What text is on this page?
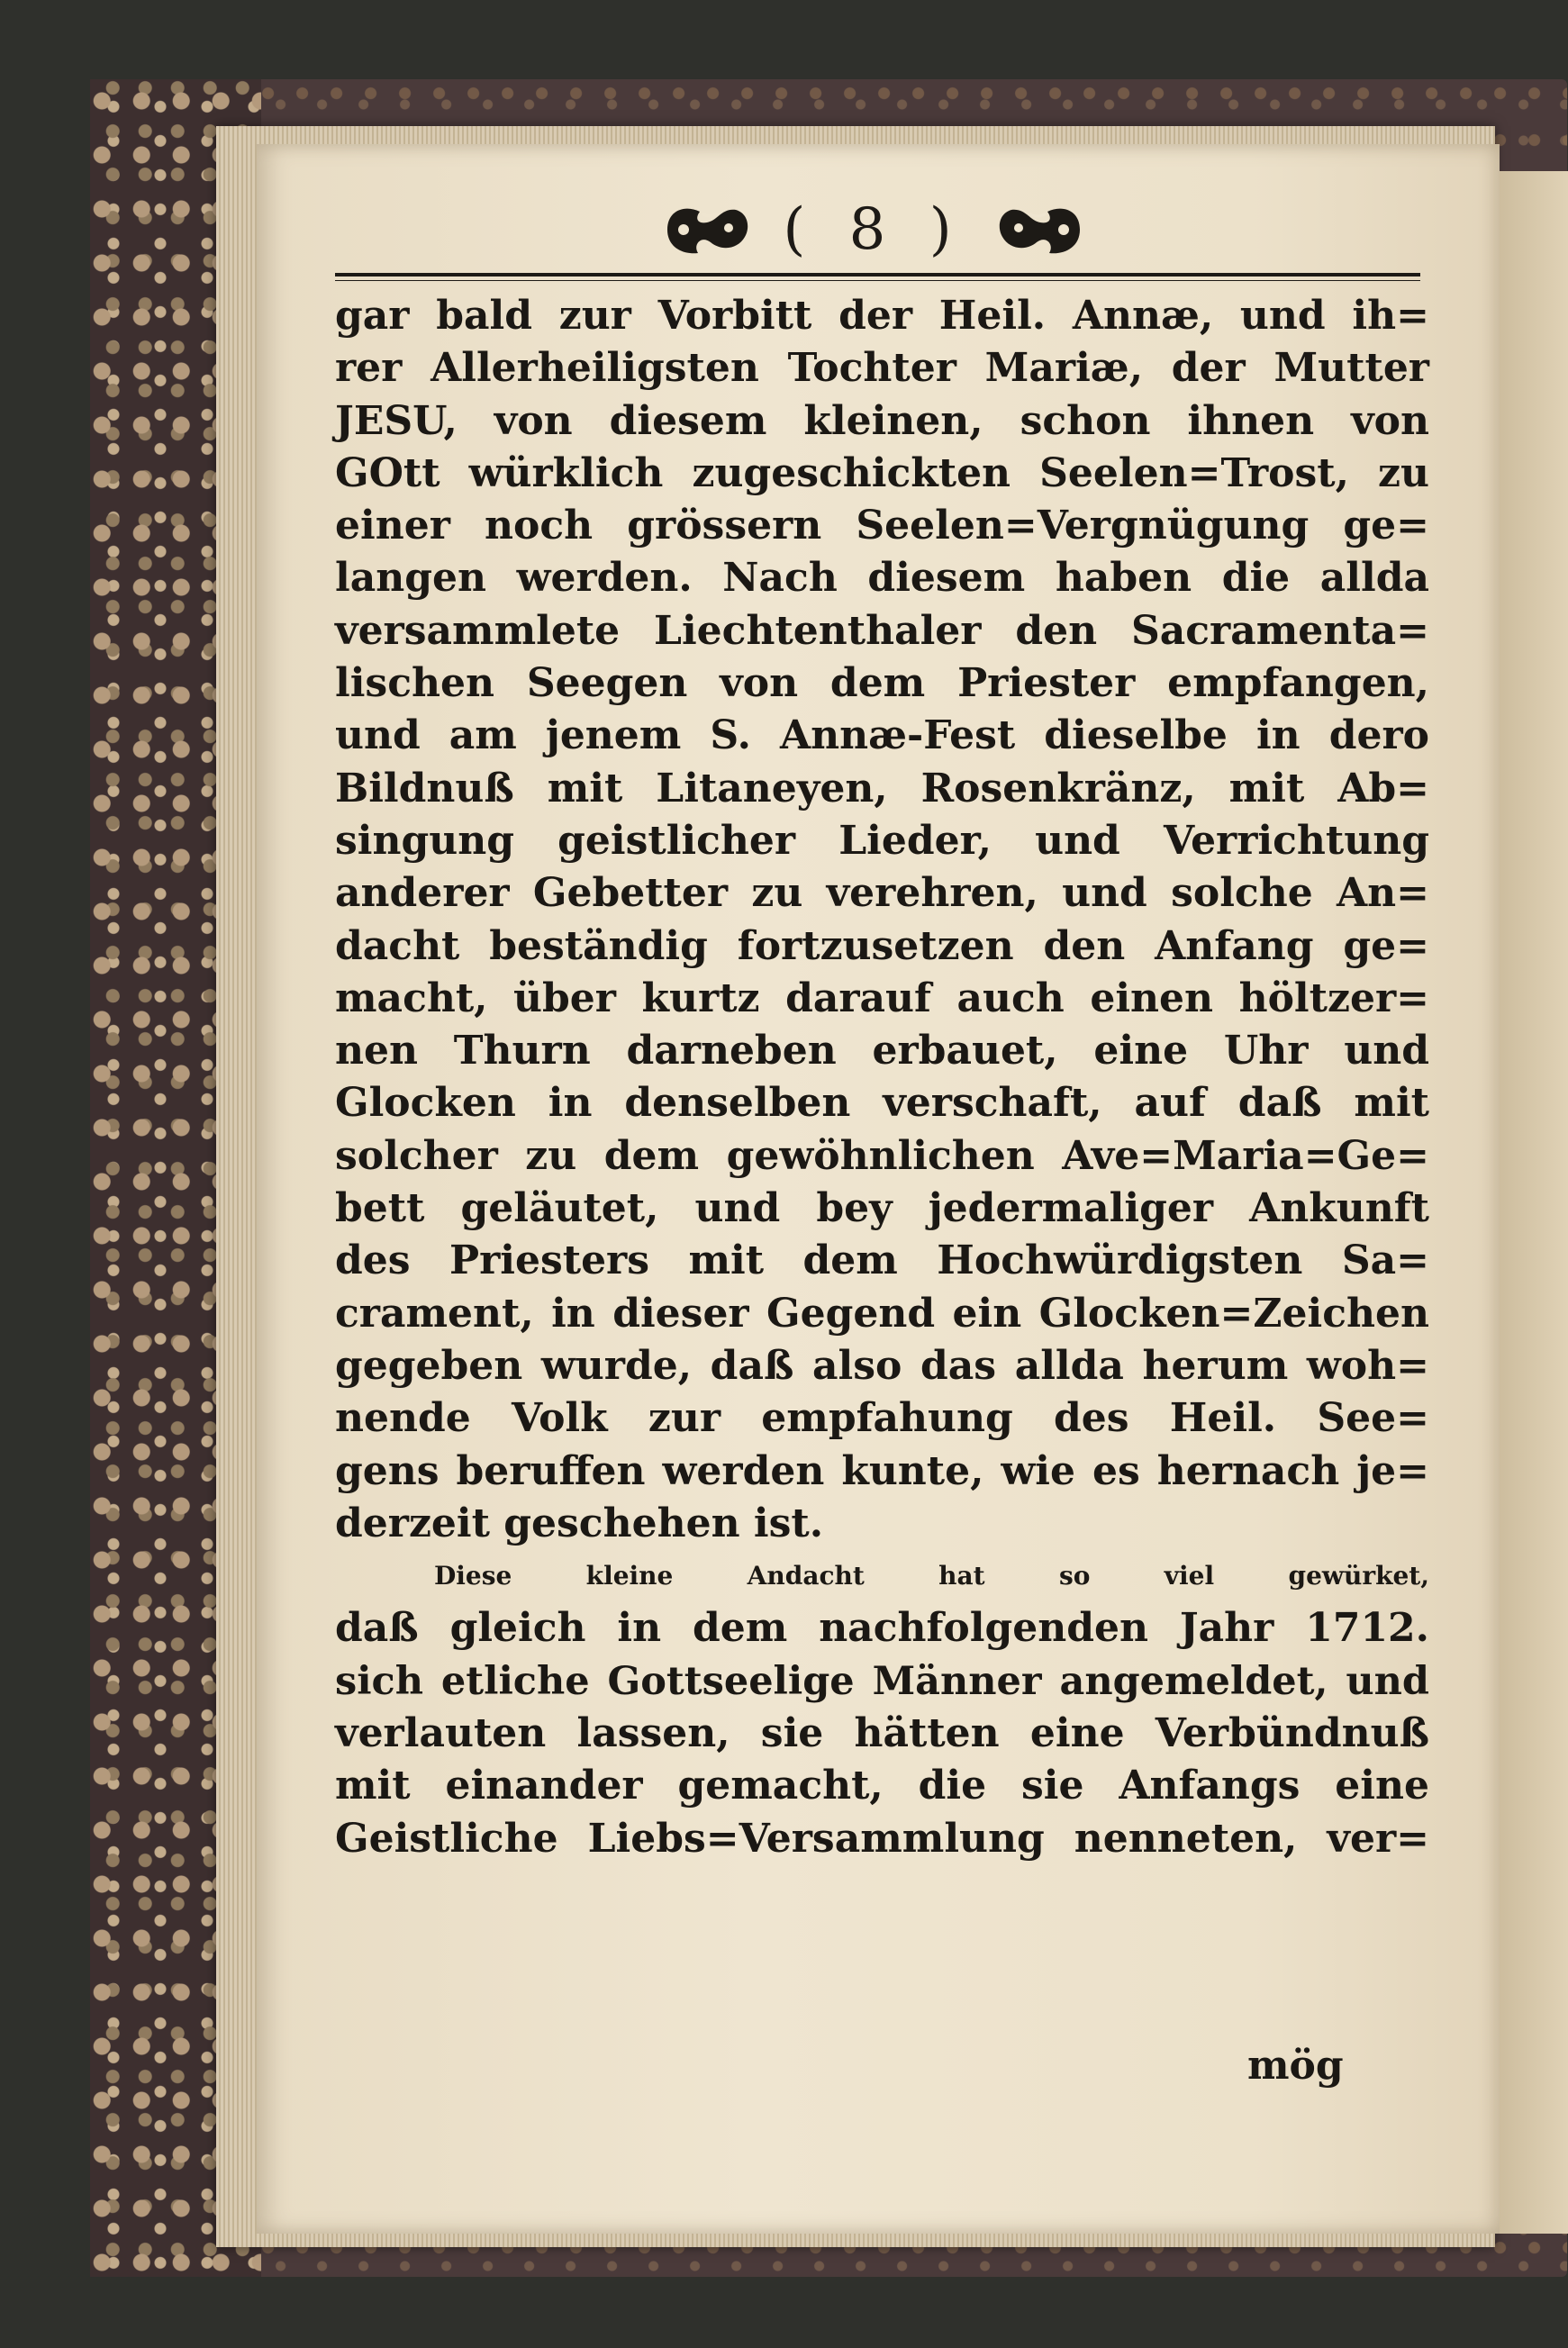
( 8 )
gar bald zur Vorbitt der Heil. Annæ, und ih=
rer Allerheiligsten Tochter Mariæ, der Mutter
JESU, von diesem kleinen, schon ihnen von
GOtt würklich zugeschickten Seelen=Trost, zu
einer noch grössern Seelen=Vergnügung ge=
langen werden. Nach diesem haben die allda
versammlete Liechtenthaler den Sacramenta=
lischen Seegen von dem Priester empfangen,
und am jenem S. Annæ-Fest dieselbe in dero
Bildnuß mit Litaneyen, Rosenkränz, mit Ab=
singung geistlicher Lieder, und Verrichtung
anderer Gebetter zu verehren, und solche An=
dacht beständig fortzusetzen den Anfang ge=
macht, über kurtz darauf auch einen höltzer=
nen Thurn darneben erbauet, eine Uhr und
Glocken in denselben verschaft, auf daß mit
solcher zu dem gewöhnlichen Ave=Maria=Ge=
bett geläutet, und bey jedermaliger Ankunft
des Priesters mit dem Hochwürdigsten Sa=
crament, in dieser Gegend ein Glocken=Zeichen
gegeben wurde, daß also das allda herum woh=
nende Volk zur empfahung des Heil. See=
gens beruffen werden kunte, wie es hernach je=
derzeit geschehen ist.
Diese kleine Andacht hat so viel gewürket,
daß gleich in dem nachfolgenden Jahr 1712.
sich etliche Gottseelige Männer angemeldet, und
verlauten lassen, sie hätten eine Verbündnuß
mit einander gemacht, die sie Anfangs eine
Geistliche Liebs=Versammlung nenneten, ver=
mög
